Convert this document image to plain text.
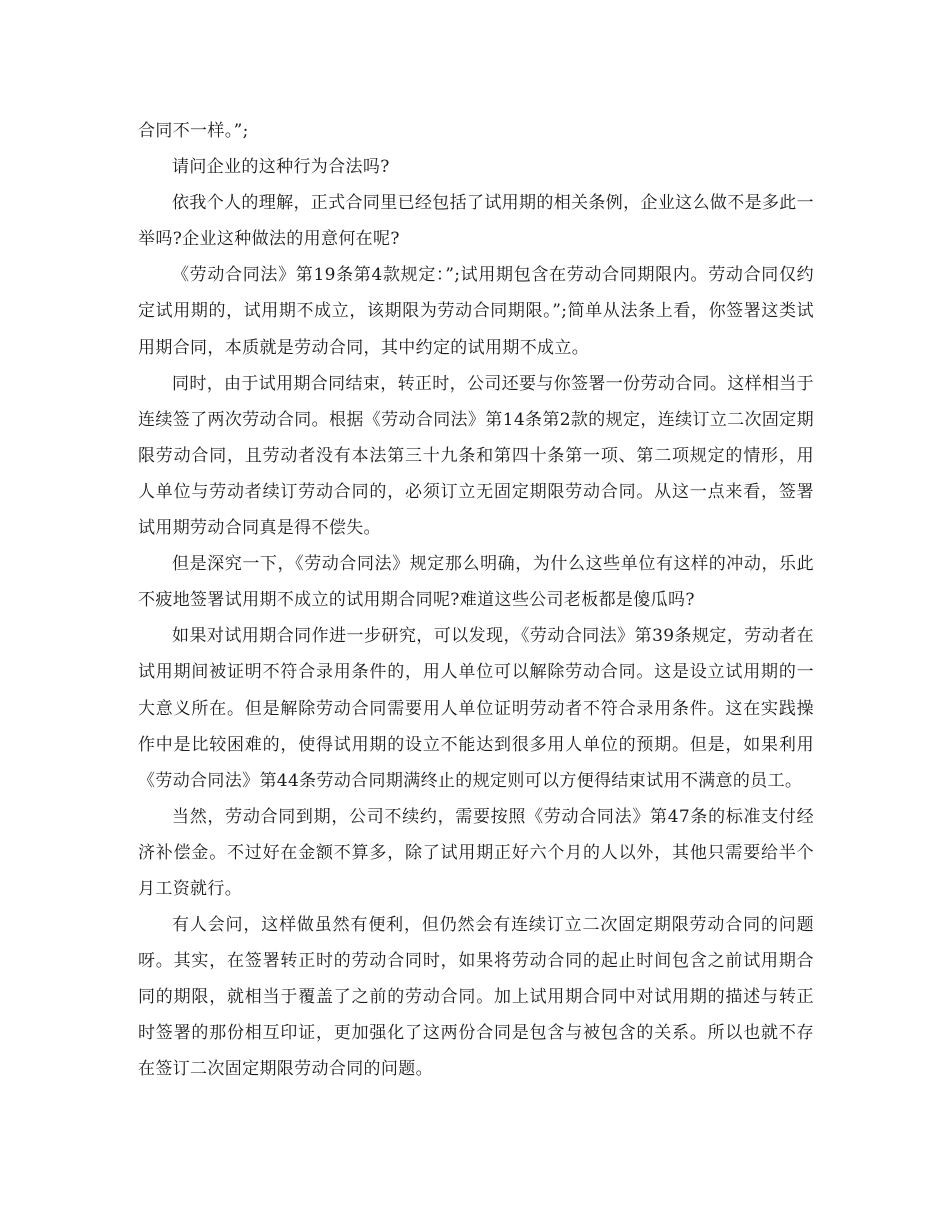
合同不一样。”;

请问企业的这种行为合法吗?

依我个人的理解，正式合同里已经包括了试用期的相关条例，企业这么做不是多此一举吗?企业这种做法的用意何在呢?

《劳动合同法》第19条第4款规定：”;试用期包含在劳动合同期限内。劳动合同仅约定试用期的，试用期不成立，该期限为劳动合同期限。”;简单从法条上看，你签署这类试用期合同，本质就是劳动合同，其中约定的试用期不成立。

同时，由于试用期合同结束，转正时，公司还要与你签署一份劳动合同。这样相当于连续签了两次劳动合同。根据《劳动合同法》第14条第2款的规定，连续订立二次固定期限劳动合同，且劳动者没有本法第三十九条和第四十条第一项、第二项规定的情形，用人单位与劳动者续订劳动合同的，必须订立无固定期限劳动合同。从这一点来看，签署试用期劳动合同真是得不偿失。

但是深究一下，《劳动合同法》规定那么明确，为什么这些单位有这样的冲动，乐此不疲地签署试用期不成立的试用期合同呢?难道这些公司老板都是傻瓜吗?

如果对试用期合同作进一步研究，可以发现，《劳动合同法》第39条规定，劳动者在试用期间被证明不符合录用条件的，用人单位可以解除劳动合同。这是设立试用期的一大意义所在。但是解除劳动合同需要用人单位证明劳动者不符合录用条件。这在实践操作中是比较困难的，使得试用期的设立不能达到很多用人单位的预期。但是，如果利用《劳动合同法》第44条劳动合同期满终止的规定则可以方便得结束试用不满意的员工。

当然，劳动合同到期，公司不续约，需要按照《劳动合同法》第47条的标准支付经济补偿金。不过好在金额不算多，除了试用期正好六个月的人以外，其他只需要给半个月工资就行。

有人会问，这样做虽然有便利，但仍然会有连续订立二次固定期限劳动合同的问题呀。其实，在签署转正时的劳动合同时，如果将劳动合同的起止时间包含之前试用期合同的期限，就相当于覆盖了之前的劳动合同。加上试用期合同中对试用期的描述与转正时签署的那份相互印证，更加强化了这两份合同是包含与被包含的关系。所以也就不存在签订二次固定期限劳动合同的问题。
